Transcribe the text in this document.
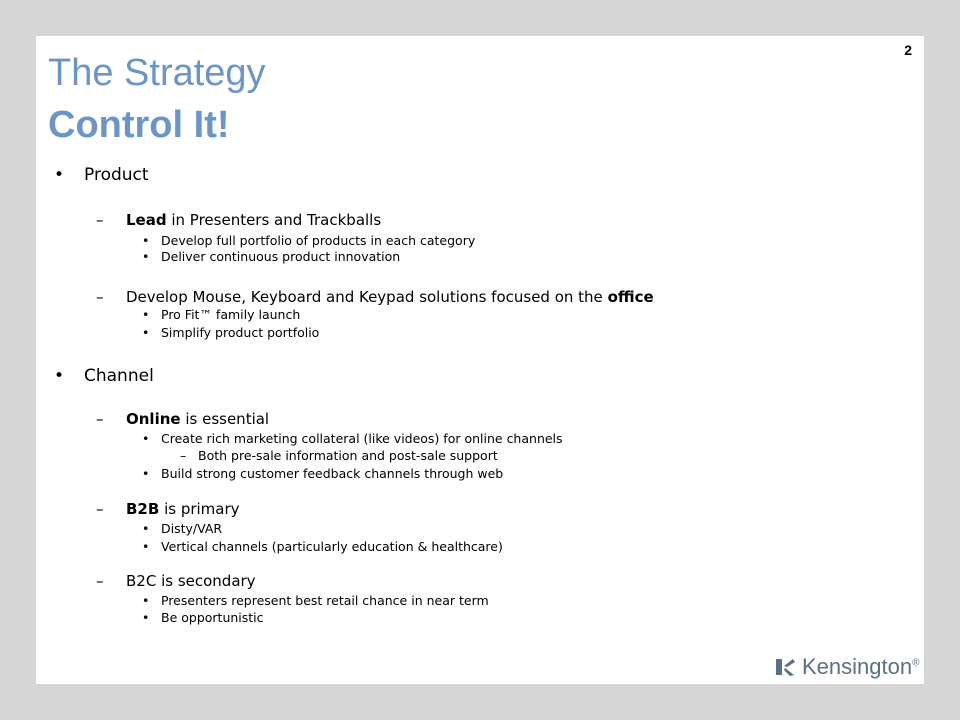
2
The Strategy
Control It!
• Product
– Lead in Presenters and Trackballs
• Develop full portfolio of products in each category
• Deliver continuous product innovation
– Develop Mouse, Keyboard and Keypad solutions focused on the office
• Pro Fit™ family launch
• Simplify product portfolio
• Channel
– Online is essential
• Create rich marketing collateral (like videos) for online channels
– Both pre-sale information and post-sale support
• Build strong customer feedback channels through web
– B2B is primary
• Disty/VAR
• Vertical channels (particularly education & healthcare)
– B2C is secondary
• Presenters represent best retail chance in near term
• Be opportunistic
Kensington®
